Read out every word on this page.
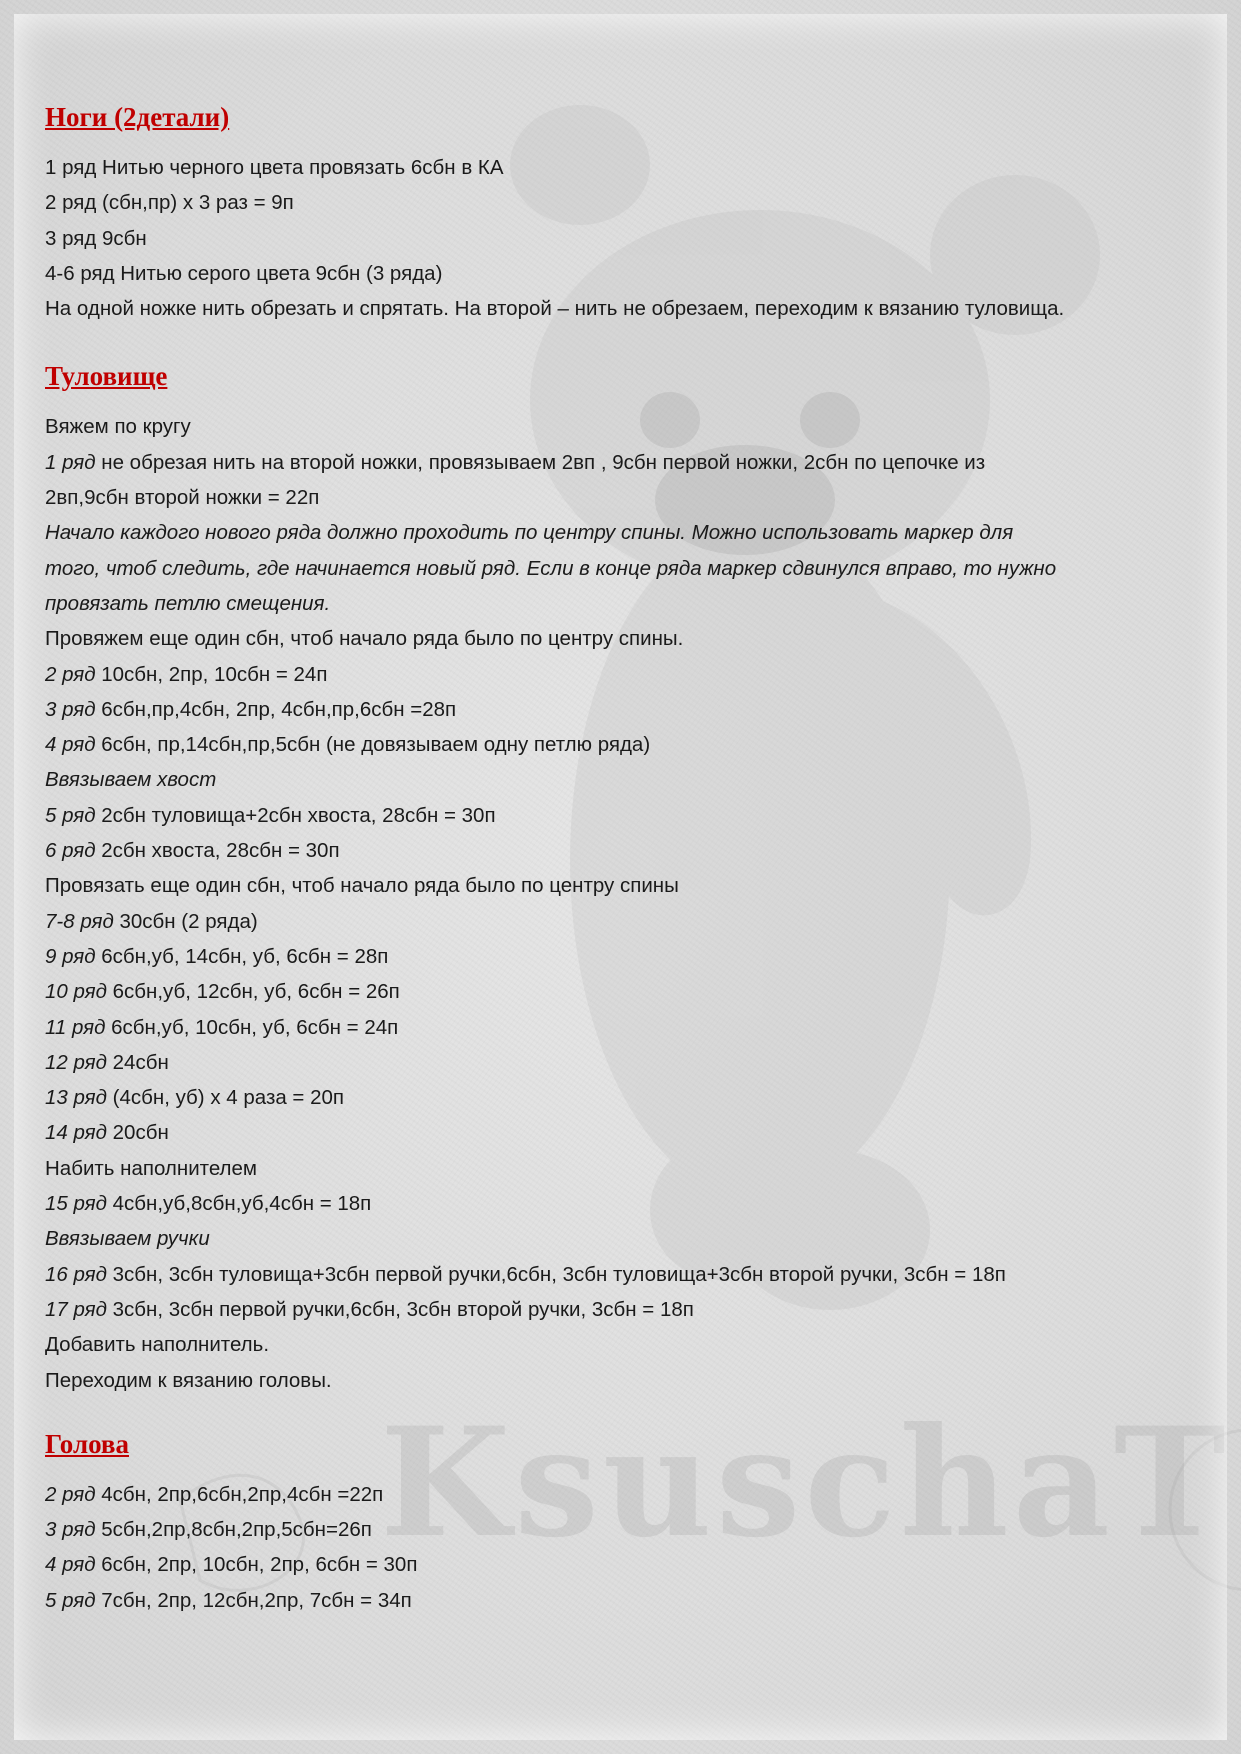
KsuschaT
Ноги (2детали)
1 ряд Нитью черного цвета провязать 6сбн в КА
2 ряд (сбн,пр) х 3 раз = 9п
3 ряд 9сбн
4-6 ряд Нитью серого цвета 9сбн (3 ряда)
На одной ножке нить обрезать и спрятать. На второй – нить не обрезаем, переходим к вязанию туловища.
Туловище
Вяжем по кругу
1 ряд не обрезая нить на второй ножки, провязываем 2вп , 9сбн первой ножки, 2сбн по цепочке из
2вп,9сбн второй ножки = 22п
Начало каждого нового ряда должно проходить по центру спины. Можно использовать маркер для
того, чтоб следить, где начинается новый ряд. Если в конце ряда маркер сдвинулся вправо, то нужно
провязать петлю смещения.
Провяжем еще один сбн, чтоб начало ряда было по центру спины.
2 ряд 10сбн, 2пр, 10сбн = 24п
3 ряд 6сбн,пр,4сбн, 2пр, 4сбн,пр,6сбн =28п
4 ряд 6сбн, пр,14сбн,пр,5сбн (не довязываем одну петлю ряда)
Ввязываем хвост
5 ряд 2сбн туловища+2сбн хвоста, 28сбн = 30п
6 ряд 2сбн хвоста, 28сбн = 30п
Провязать еще один сбн, чтоб начало ряда было по центру спины
7-8 ряд 30сбн (2 ряда)
9 ряд 6сбн,уб, 14сбн, уб, 6сбн = 28п
10 ряд 6сбн,уб, 12сбн, уб, 6сбн = 26п
11 ряд 6сбн,уб, 10сбн, уб, 6сбн = 24п
12 ряд 24сбн
13 ряд (4сбн, уб) х 4 раза = 20п
14 ряд 20сбн
Набить наполнителем
15 ряд 4сбн,уб,8сбн,уб,4сбн = 18п
Ввязываем ручки
16 ряд 3сбн, 3сбн туловища+3сбн первой ручки,6сбн, 3сбн туловища+3сбн второй ручки, 3сбн = 18п
17 ряд 3сбн, 3сбн первой ручки,6сбн, 3сбн второй ручки, 3сбн = 18п
Добавить наполнитель.
Переходим к вязанию головы.
Голова
2 ряд 4сбн, 2пр,6сбн,2пр,4сбн =22п
3 ряд 5сбн,2пр,8сбн,2пр,5сбн=26п
4 ряд 6сбн, 2пр, 10сбн, 2пр, 6сбн = 30п
5 ряд 7сбн, 2пр, 12сбн,2пр, 7сбн = 34п
